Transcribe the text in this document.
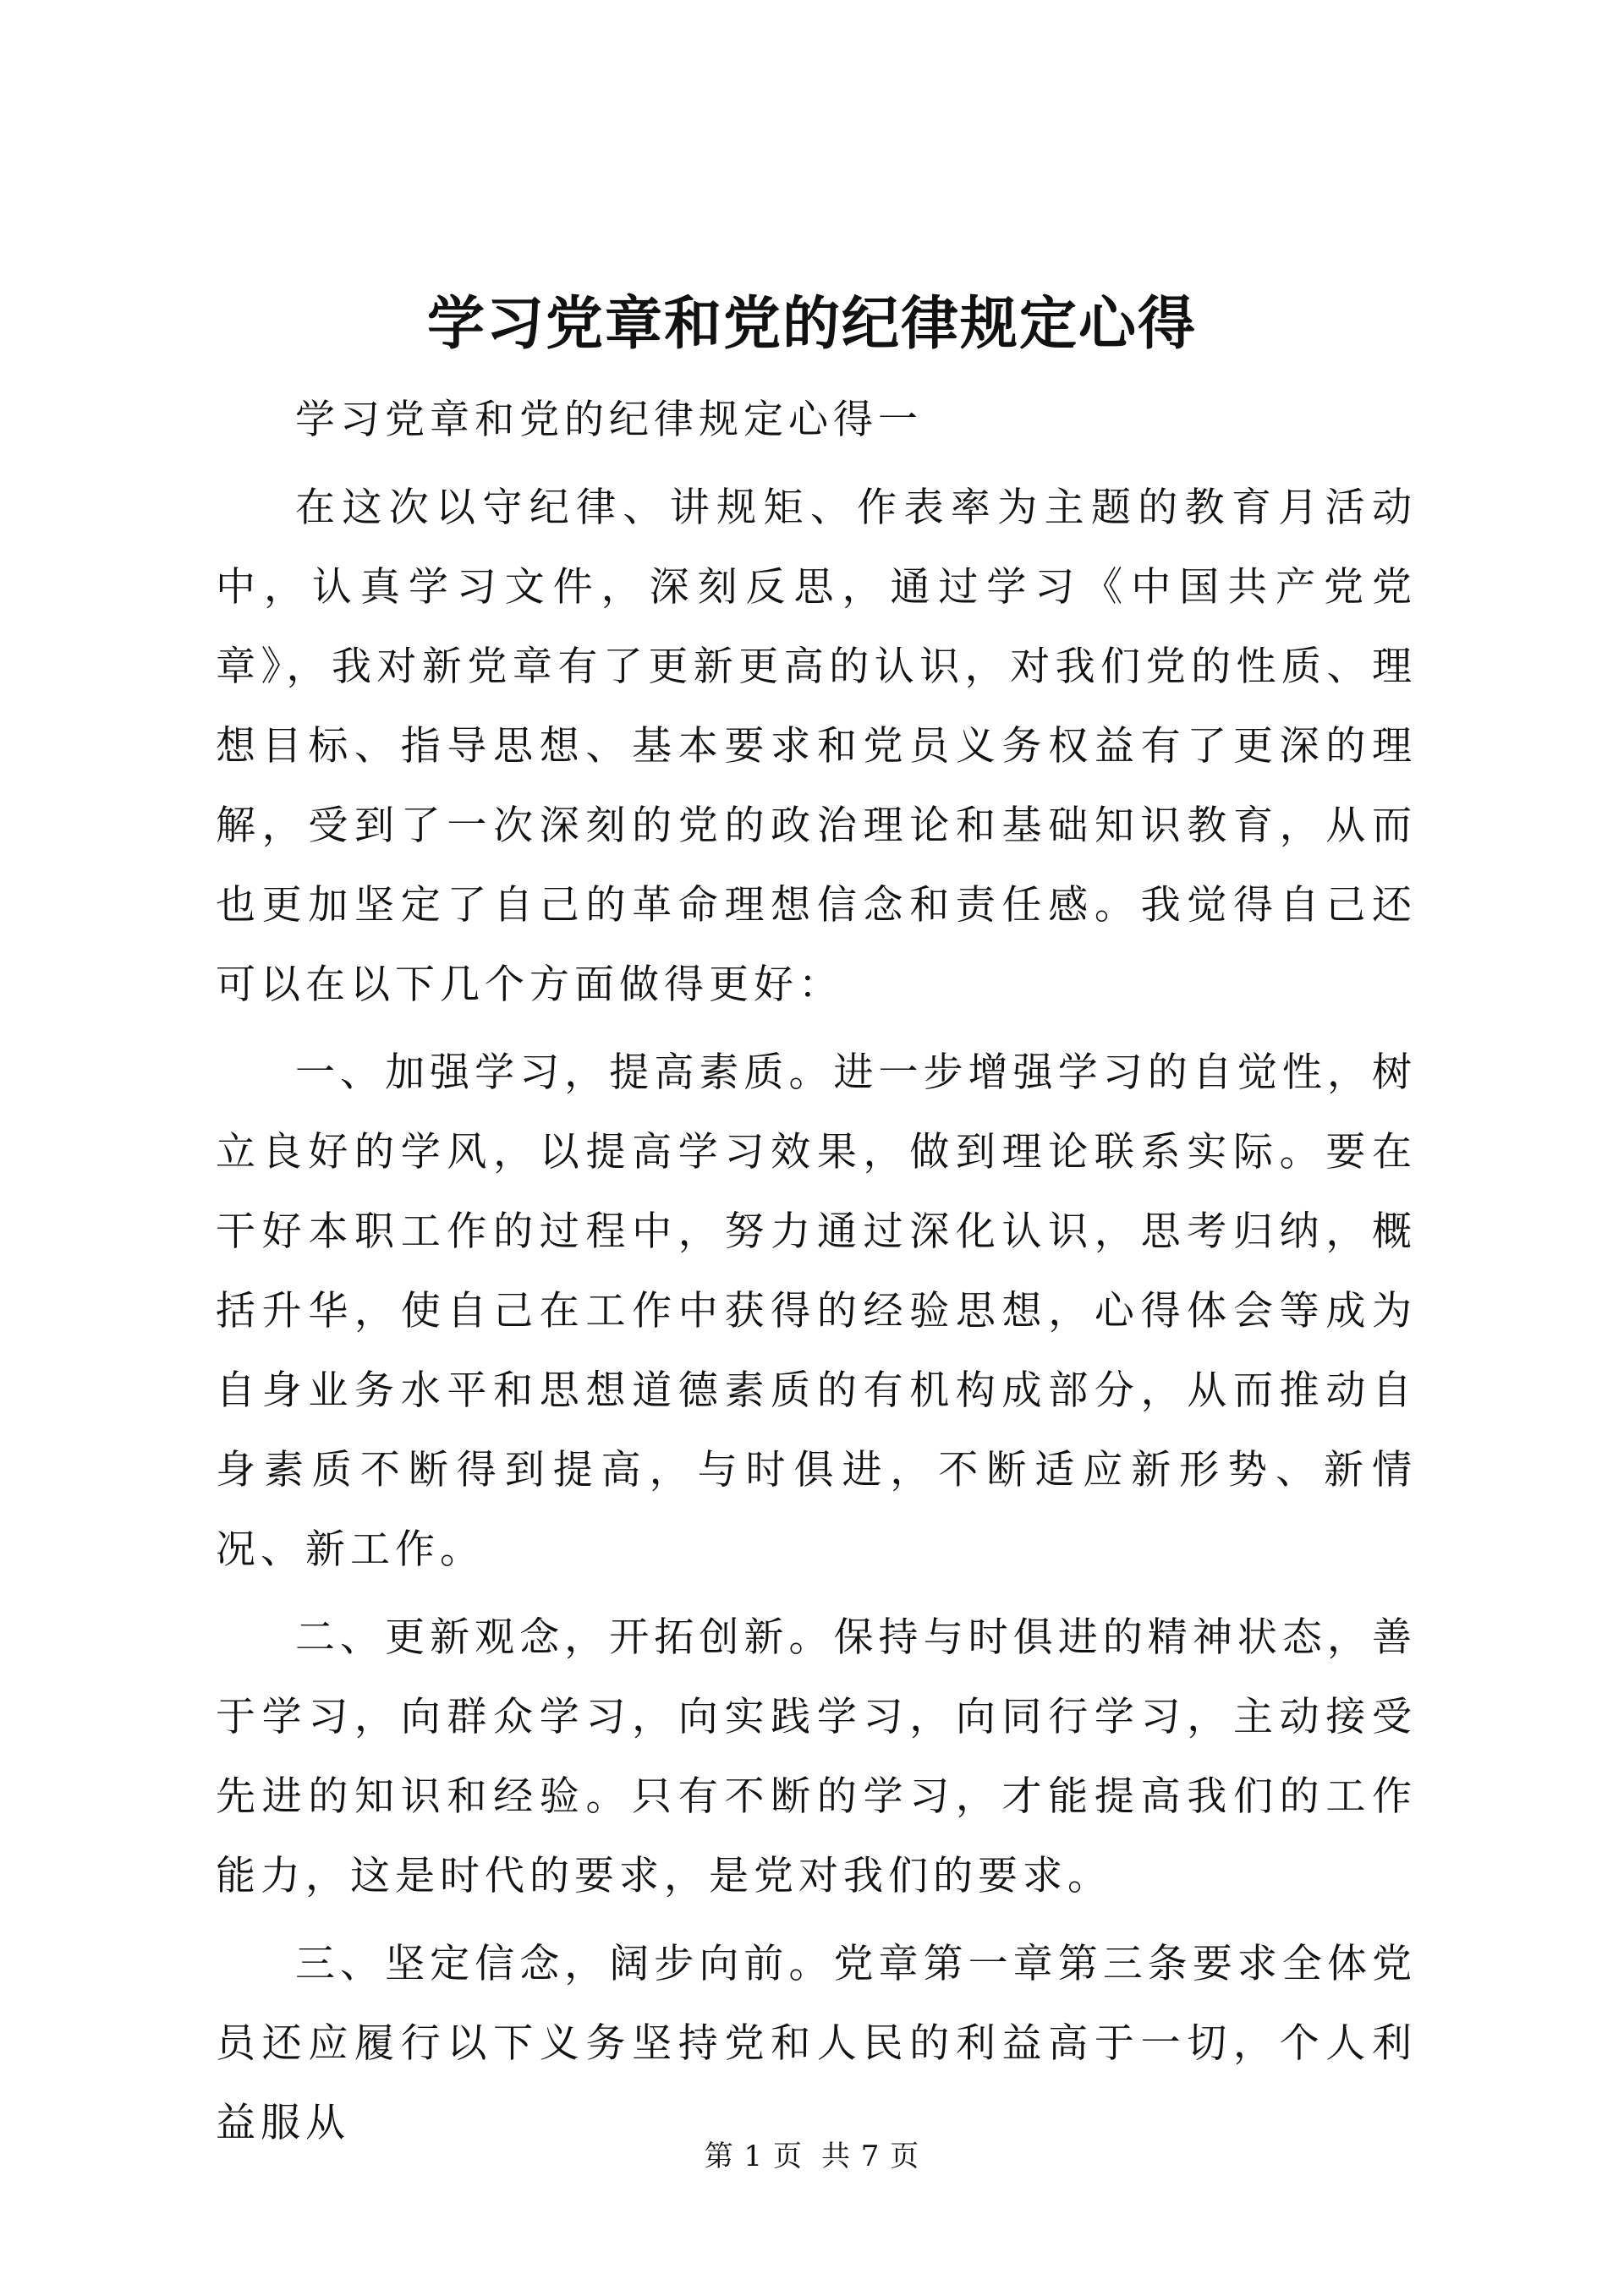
学习党章和党的纪律规定心得

学习党章和党的纪律规定心得一

在这次以守纪律、讲规矩、作表率为主题的教育月活动中，认真学习文件，深刻反思，通过学习《中国共产党党章》，我对新党章有了更新更高的认识，对我们党的性质、理想目标、指导思想、基本要求和党员义务权益有了更深的理解，受到了一次深刻的党的政治理论和基础知识教育，从而也更加坚定了自己的革命理想信念和责任感。我觉得自己还可以在以下几个方面做得更好：

一、加强学习，提高素质。进一步增强学习的自觉性，树立良好的学风，以提高学习效果，做到理论联系实际。要在干好本职工作的过程中，努力通过深化认识，思考归纳，概括升华，使自己在工作中获得的经验思想，心得体会等成为自身业务水平和思想道德素质的有机构成部分，从而推动自身素质不断得到提高，与时俱进，不断适应新形势、新情况、新工作。

二、更新观念，开拓创新。保持与时俱进的精神状态，善于学习，向群众学习，向实践学习，向同行学习，主动接受先进的知识和经验。只有不断的学习，才能提高我们的工作能力，这是时代的要求，是党对我们的要求。

三、坚定信念，阔步向前。党章第一章第三条要求全体党员还应履行以下义务坚持党和人民的利益高于一切，个人利益服从

第 1 页 共 7 页
